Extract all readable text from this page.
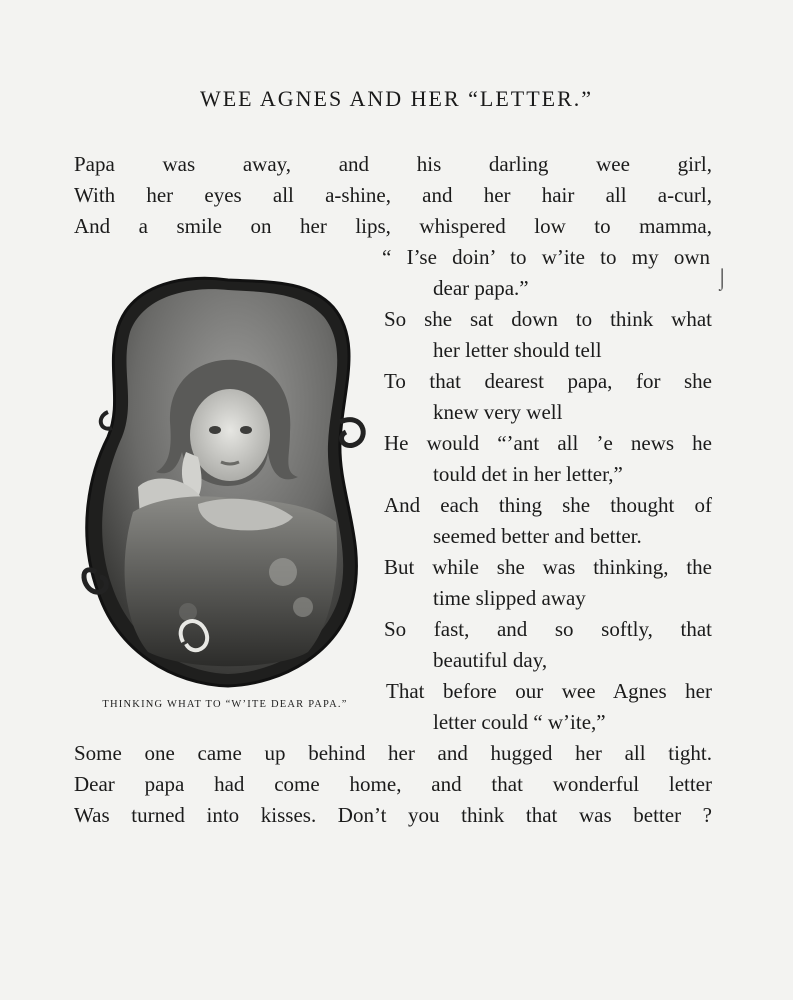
WEE AGNES AND HER “LETTER.”
Papa was away, and his darling wee girl,
With her eyes all a-shine, and her hair all a-curl,
And a smile on her lips, whispered low to mamma,
“ I’se doin’ to w’ite to my own
dear papa.”
So she sat down to think what
her letter should tell
To that dearest papa, for she
knew very well
He would “’ant all ’e news he
tould det in her letter,”
And each thing she thought of
seemed better and better.
But while she was thinking, the
time slipped away
So fast, and so softly, that
beautiful day,
That before our wee Agnes her
letter could “ w’ite,”
Some one came up behind her and hugged her all tight.
Dear papa had come home, and that wonderful letter
Was turned into kisses. Don’t you think that was better ?
THINKING WHAT TO “W’ITE DEAR PAPA.”
⌡
